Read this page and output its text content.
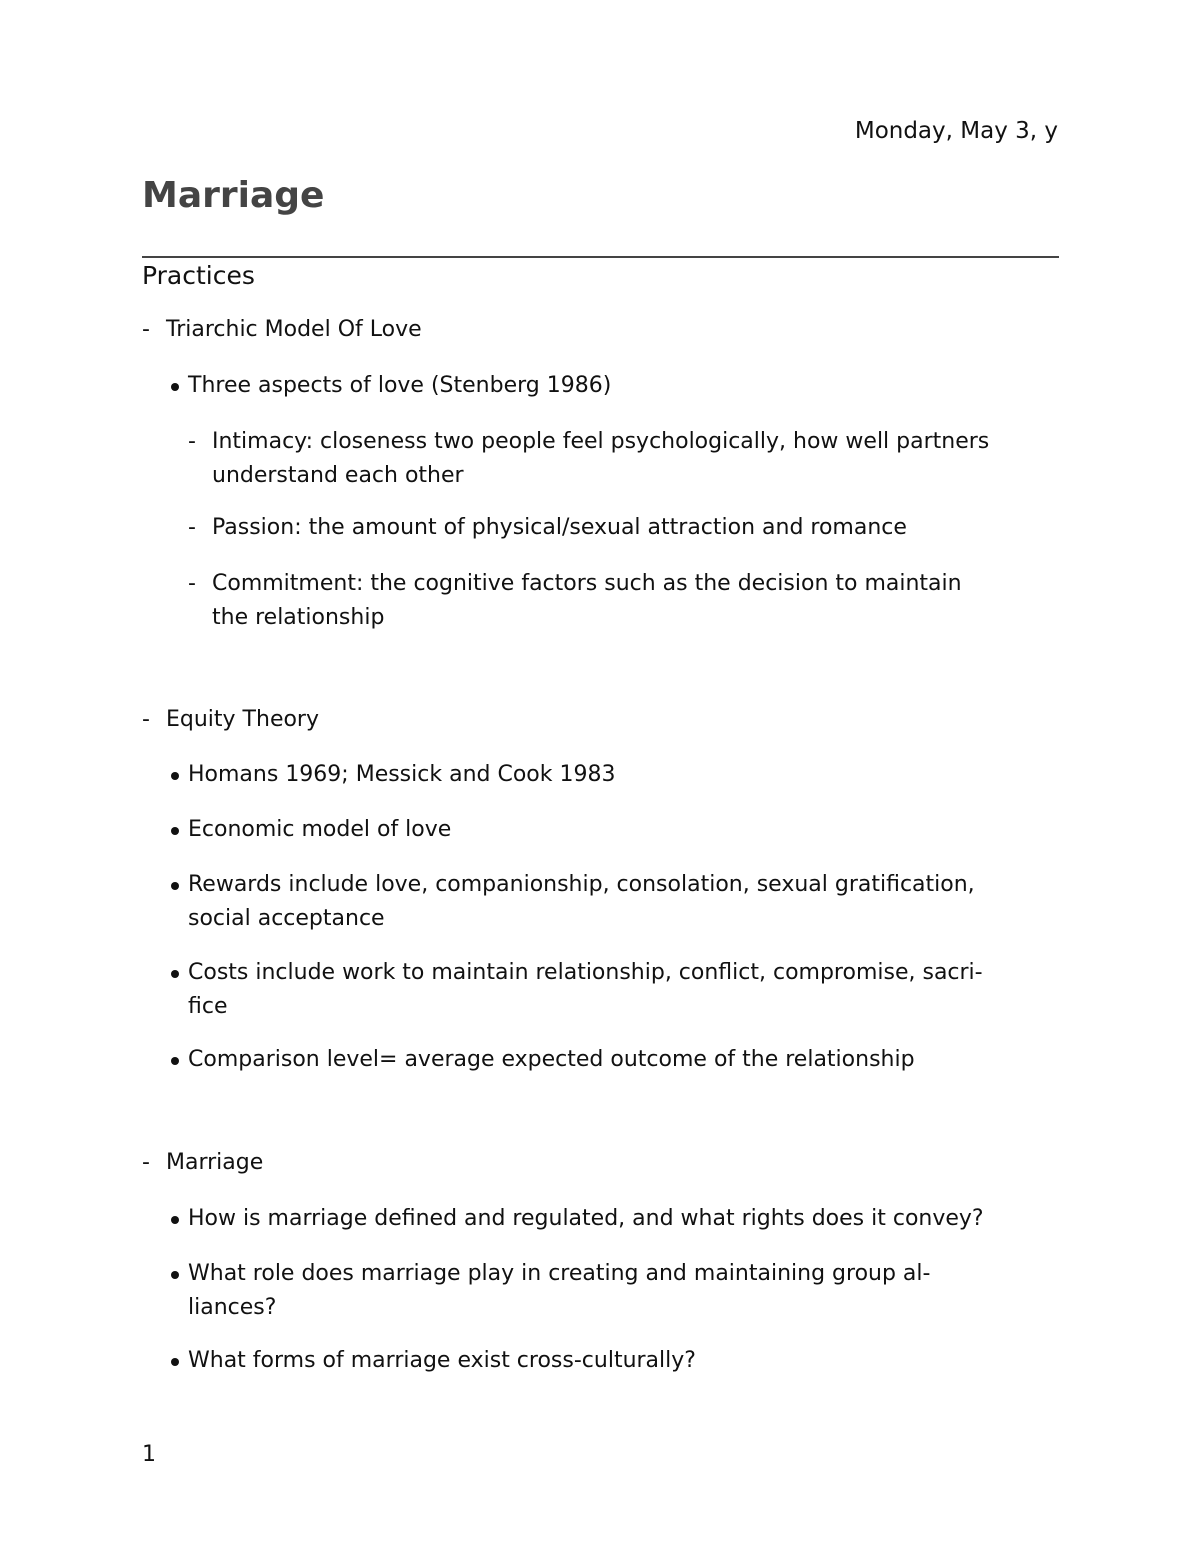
Monday, May 3, y
Marriage
Practices
- Triarchic Model Of Love
Three aspects of love (Stenberg 1986)
- Intimacy: closeness two people feel psychologically, how well partners
understand each other
- Passion: the amount of physical/sexual attraction and romance
- Commitment: the cognitive factors such as the decision to maintain
the relationship
- Equity Theory
Homans 1969; Messick and Cook 1983
Economic model of love
Rewards include love, companionship, consolation, sexual gratification,
social acceptance
Costs include work to maintain relationship, conflict, compromise, sacri-
fice
Comparison level= average expected outcome of the relationship
- Marriage
How is marriage defined and regulated, and what rights does it convey?
What role does marriage play in creating and maintaining group al-
liances?
What forms of marriage exist cross-culturally?
1
